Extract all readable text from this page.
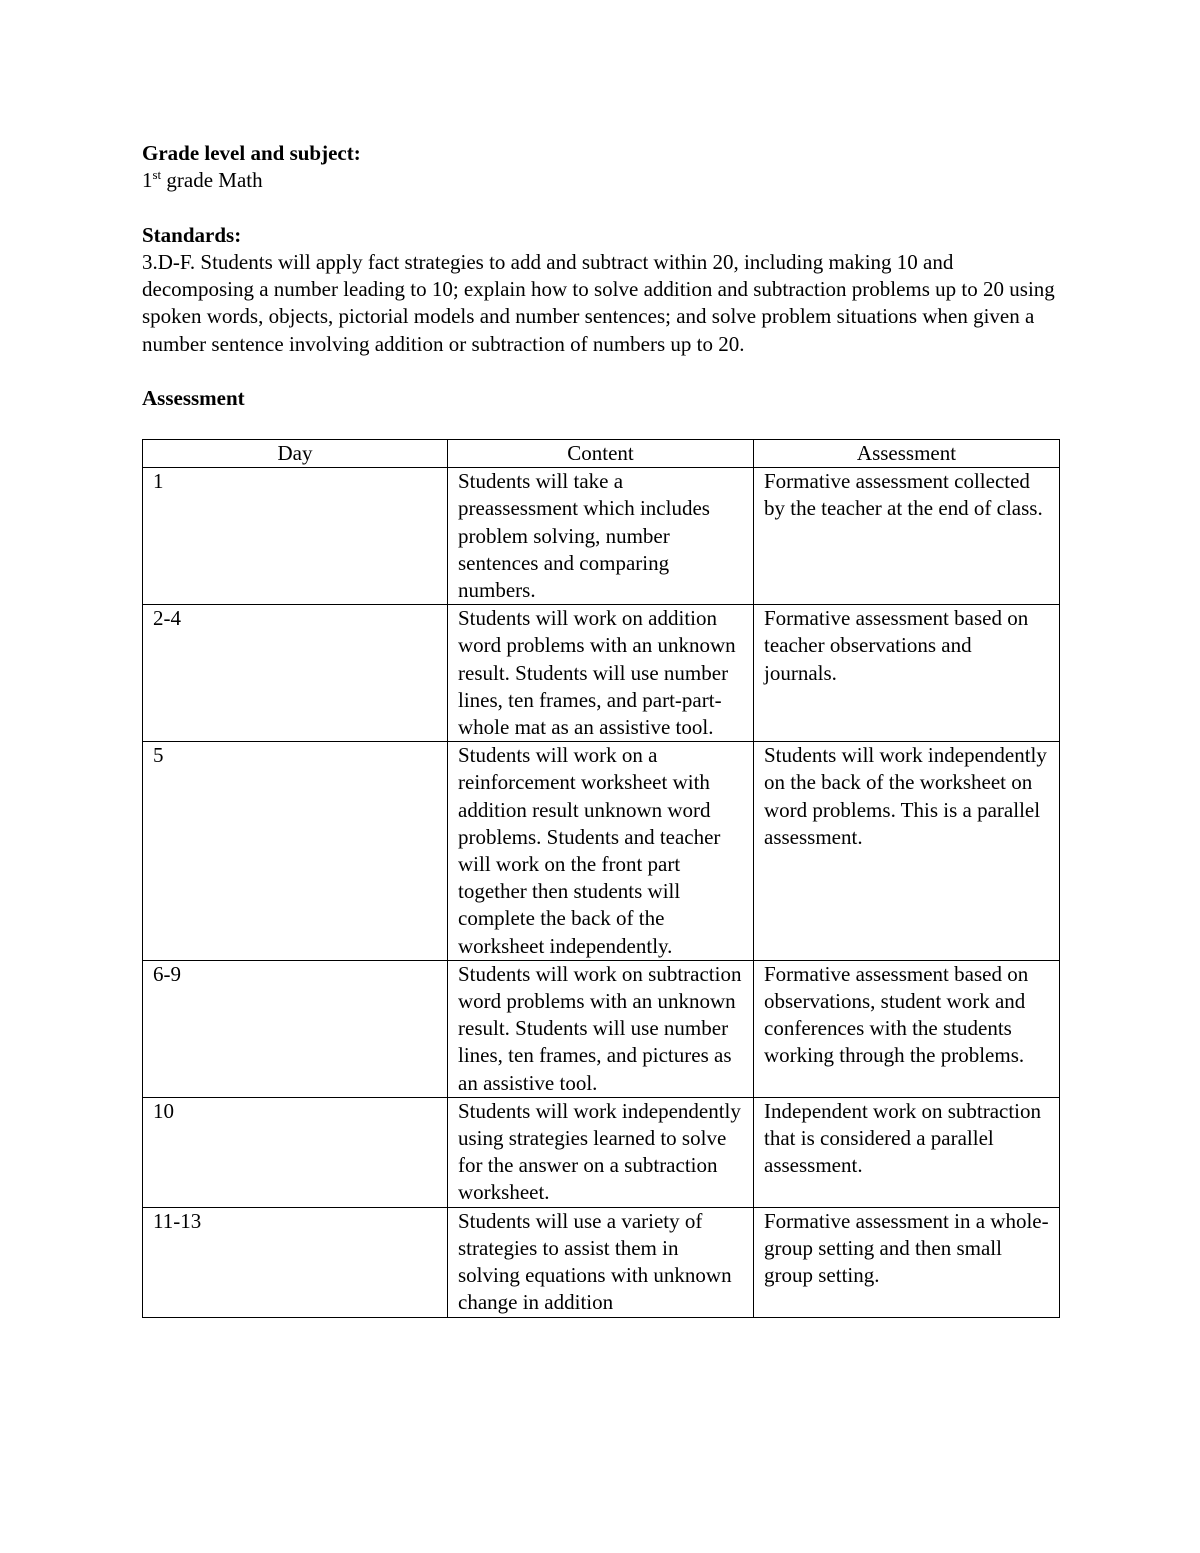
Grade level and subject:

1st grade Math

Standards:

3.D-F. Students will apply fact strategies to add and subtract within 20, including making 10 and decomposing a number leading to 10; explain how to solve addition and subtraction problems up to 20 using spoken words, objects, pictorial models and number sentences; and solve problem situations when given a number sentence involving addition or subtraction of numbers up to 20.

Assessment

Day	Content	Assessment
1	Students will take a preassessment which includes problem solving, number sentences and comparing numbers.	Formative assessment collected by the teacher at the end of class.
2-4	Students will work on addition word problems with an unknown result. Students will use number lines, ten frames, and part-part-whole mat as an assistive tool.	Formative assessment based on teacher observations and journals.
5	Students will work on a reinforcement worksheet with addition result unknown word problems. Students and teacher will work on the front part together then students will complete the back of the worksheet independently.	Students will work independently on the back of the worksheet on word problems. This is a parallel assessment.
6-9	Students will work on subtraction word problems with an unknown result. Students will use number lines, ten frames, and pictures as an assistive tool.	Formative assessment based on observations, student work and conferences with the students working through the problems.
10	Students will work independently using strategies learned to solve for the answer on a subtraction worksheet.	Independent work on subtraction that is considered a parallel assessment.
11-13	Students will use a variety of strategies to assist them in solving equations with unknown change in addition	Formative assessment in a whole-group setting and then small group setting.
